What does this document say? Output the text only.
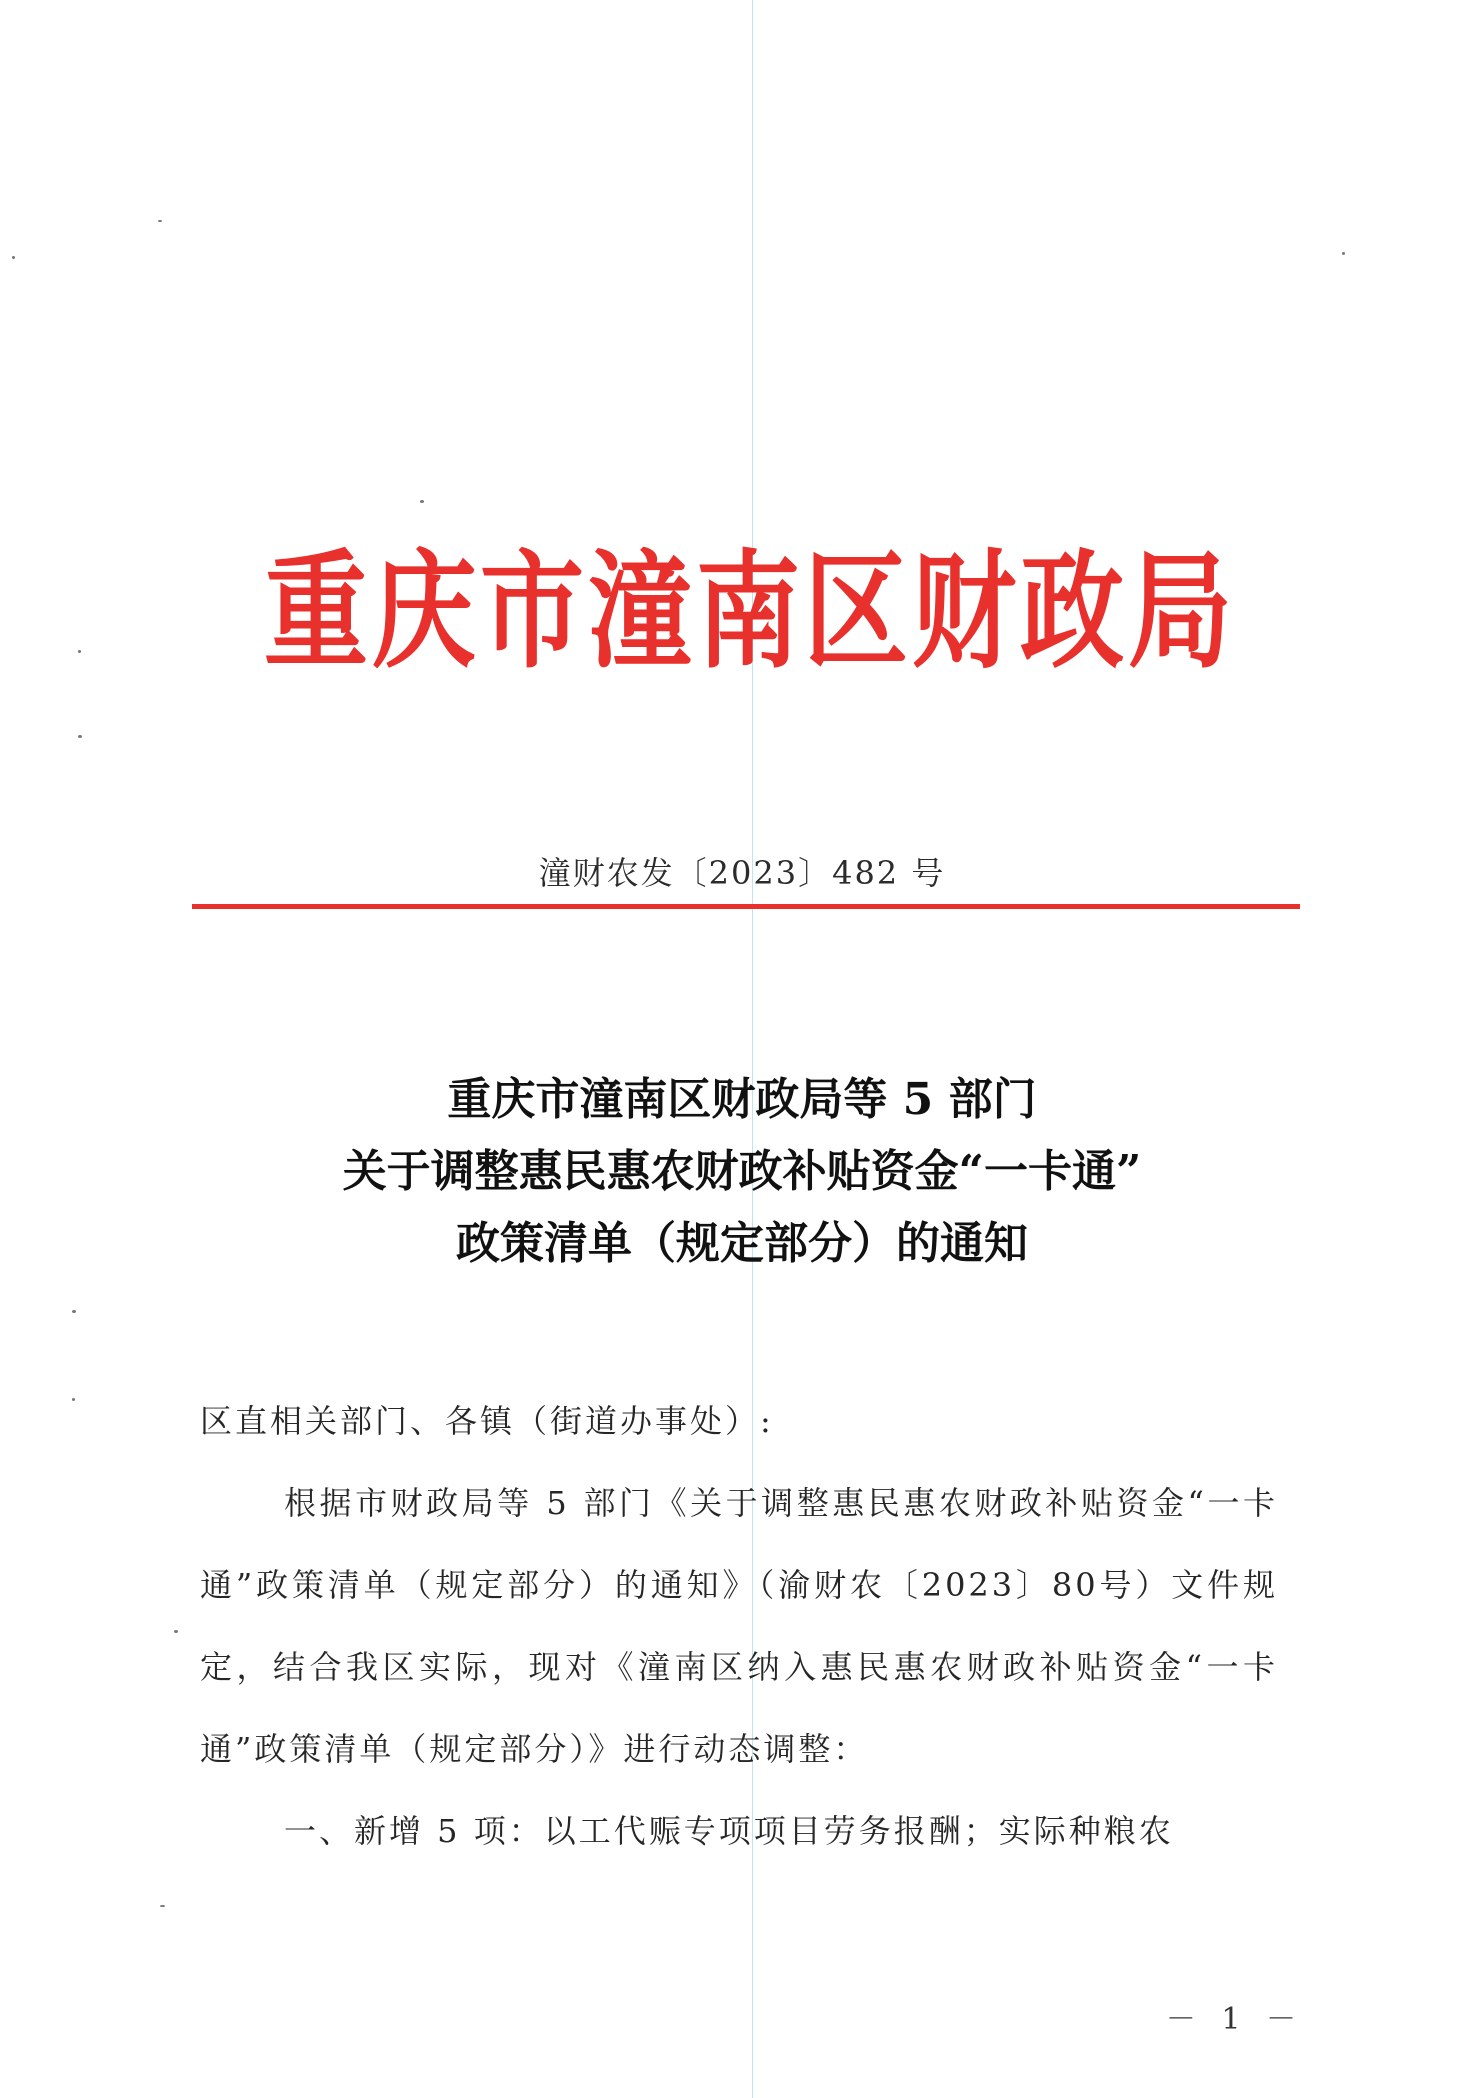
重庆市潼南区财政局
潼财农发〔2023〕482 号
重庆市潼南区财政局等 5 部门
关于调整惠民惠农财政补贴资金“一卡通”
政策清单（规定部分）的通知
区直相关部门、各镇（街道办事处）:
根据市财政局等 5 部门《关于调整惠民惠农财政补贴资金“一卡通”政策清单（规定部分）的通知》（渝财农〔2023〕80号）文件规定，结合我区实际，现对《潼南区纳入惠民惠农财政补贴资金“一卡通”政策清单（规定部分）》进行动态调整：
一、新增 5 项：以工代赈专项项目劳务报酬；实际种粮农
－ 1 －
